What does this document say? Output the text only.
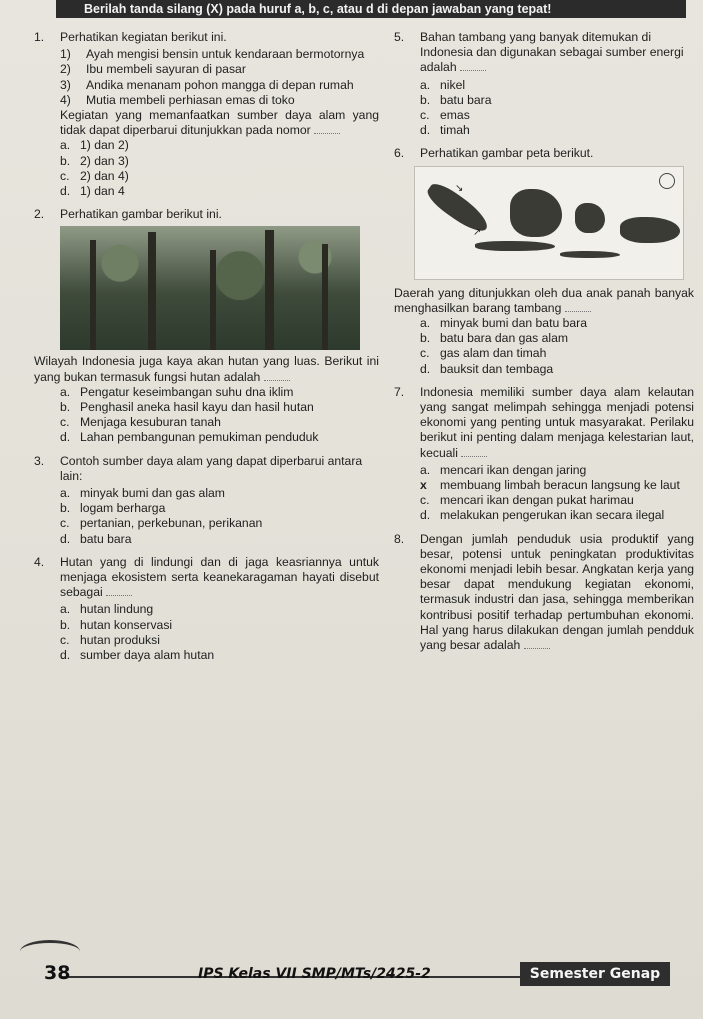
Berilah tanda silang (X) pada huruf a, b, c, atau d di depan jawaban yang tepat!
1.	Perhatikan kegiatan berikut ini.
1)	Ayah mengisi bensin untuk kendaraan bermotornya
2)	Ibu membeli sayuran di pasar
3)	Andika menanam pohon mangga di depan rumah
4)	Mutia membeli perhiasan emas di toko
Kegiatan yang memanfaatkan sumber daya alam yang tidak dapat diperbarui ditunjukkan pada nomor
a. 1) dan 2)
b. 2) dan 3)
c. 2) dan 4)
d. 1) dan 4
2.	Perhatikan gambar berikut ini.
Wilayah Indonesia juga kaya akan hutan yang luas. Berikut ini yang bukan termasuk fungsi hutan adalah
a. Pengatur keseimbangan suhu dna iklim
b. Penghasil aneka hasil kayu dan hasil hutan
c. Menjaga kesuburan tanah
d. Lahan pembangunan pemukiman penduduk
3.	Contoh sumber daya alam yang dapat diperbarui antara lain:
a. minyak bumi dan gas alam
b. logam berharga
c. pertanian, perkebunan, perikanan
d. batu bara
4.	Hutan yang di lindungi dan di jaga keasriannya untuk menjaga ekosistem serta keanekaragaman hayati disebut sebagai
a. hutan lindung
b. hutan konservasi
c. hutan produksi
d. sumber daya alam hutan
5.	Bahan tambang yang banyak ditemukan di Indonesia dan digunakan sebagai sumber energi adalah
a. nikel
b. batu bara
c. emas
d. timah
6.	Perhatikan gambar peta berikut.
↘
↗
Daerah yang ditunjukkan oleh dua anak panah banyak menghasilkan barang tambang
a. minyak bumi dan batu bara
b. batu bara dan gas alam
c. gas alam dan timah
d. bauksit dan tembaga
7.	Indonesia memiliki sumber daya alam kelautan yang sangat melimpah sehingga menjadi potensi ekonomi yang penting untuk masyarakat. Perilaku berikut ini penting dalam menjaga kelestarian laut, kecuali
a. mencari ikan dengan jaring
x	membuang limbah beracun langsung ke laut
c. mencari ikan dengan pukat harimau
d. melakukan pengerukan ikan secara ilegal
8.	Dengan jumlah penduduk usia produktif yang besar, potensi untuk peningkatan produktivitas ekonomi menjadi lebih besar. Angkatan kerja yang besar dapat mendukung kegiatan ekonomi, termasuk industri dan jasa, sehingga memberikan kontribusi positif terhadap pertumbuhan ekonomi. Hal yang harus dilakukan dengan jumlah pendduk yang besar adalah
38	IPS Kelas VII SMP/MTs/2425-2	Semester Genap
